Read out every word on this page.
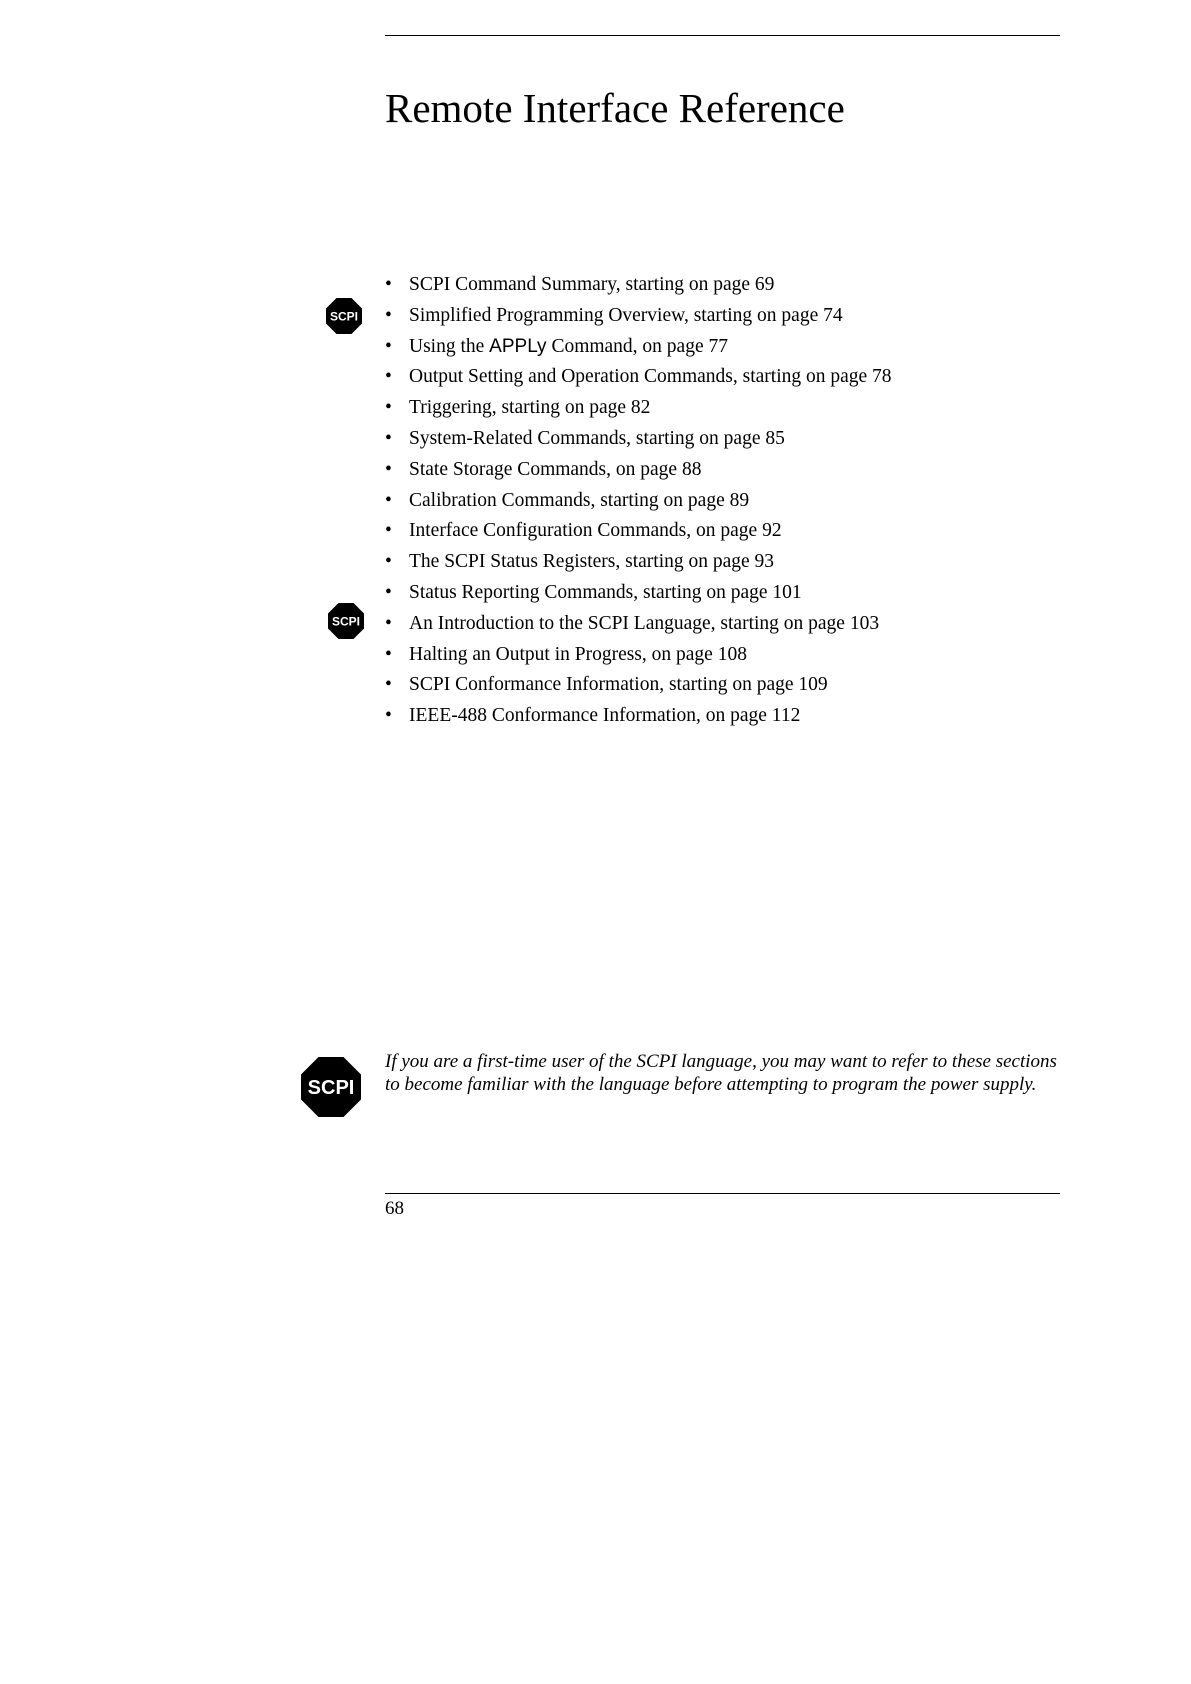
Remote Interface Reference
SCPI
SCPI
SCPI
• SCPI Command Summary, starting on page 69
• Simplified Programming Overview, starting on page 74
• Using the APPLy Command, on page 77
• Output Setting and Operation Commands, starting on page 78
• Triggering, starting on page 82
• System-Related Commands, starting on page 85
• State Storage Commands, on page 88
• Calibration Commands, starting on page 89
• Interface Configuration Commands, on page 92
• The SCPI Status Registers, starting on page 93
• Status Reporting Commands, starting on page 101
• An Introduction to the SCPI Language, starting on page 103
• Halting an Output in Progress, on page 108
• SCPI Conformance Information, starting on page 109
• IEEE-488 Conformance Information, on page 112

If you are a first-time user of the SCPI language, you may want to refer to these sections to become familiar with the language before attempting to program the power supply.

68
